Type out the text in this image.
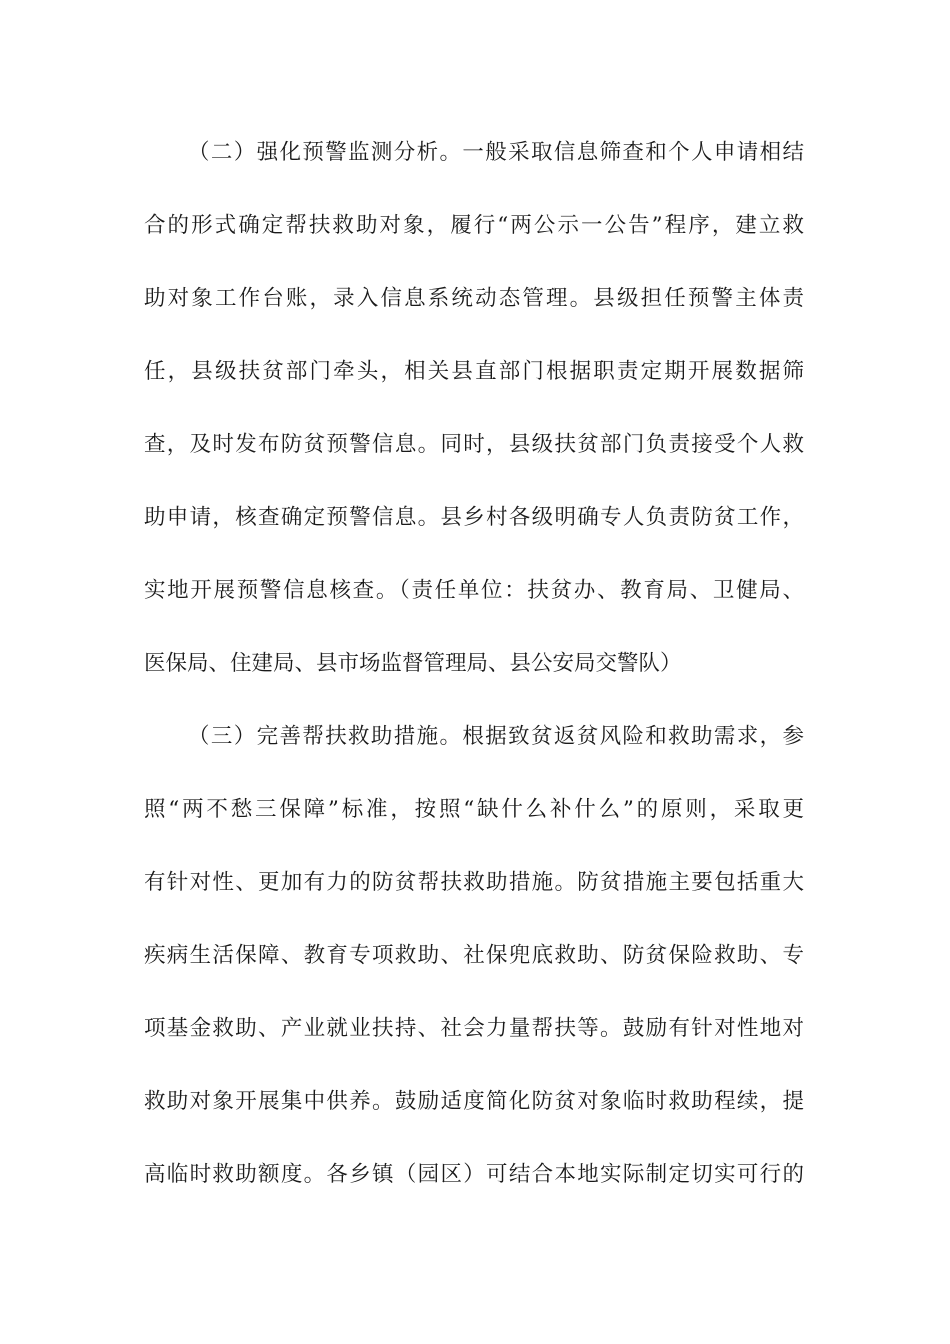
（二）强化预警监测分析。一般采取信息筛查和个人申请相结
合的形式确定帮扶救助对象，履行“两公示一公告”程序，建立救
助对象工作台账，录入信息系统动态管理。县级担任预警主体责
任，县级扶贫部门牵头，相关县直部门根据职责定期开展数据筛
查，及时发布防贫预警信息。同时，县级扶贫部门负责接受个人救
助申请，核查确定预警信息。县乡村各级明确专人负责防贫工作，
实地开展预警信息核查。（责任单位：扶贫办、教育局、卫健局、
医保局、住建局、县市场监督管理局、县公安局交警队）
（三）完善帮扶救助措施。根据致贫返贫风险和救助需求，参
照“两不愁三保障”标准，按照“缺什么补什么”的原则，采取更
有针对性、更加有力的防贫帮扶救助措施。防贫措施主要包括重大
疾病生活保障、教育专项救助、社保兜底救助、防贫保险救助、专
项基金救助、产业就业扶持、社会力量帮扶等。鼓励有针对性地对
救助对象开展集中供养。鼓励适度简化防贫对象临时救助程续，提
高临时救助额度。各乡镇（园区）可结合本地实际制定切实可行的
